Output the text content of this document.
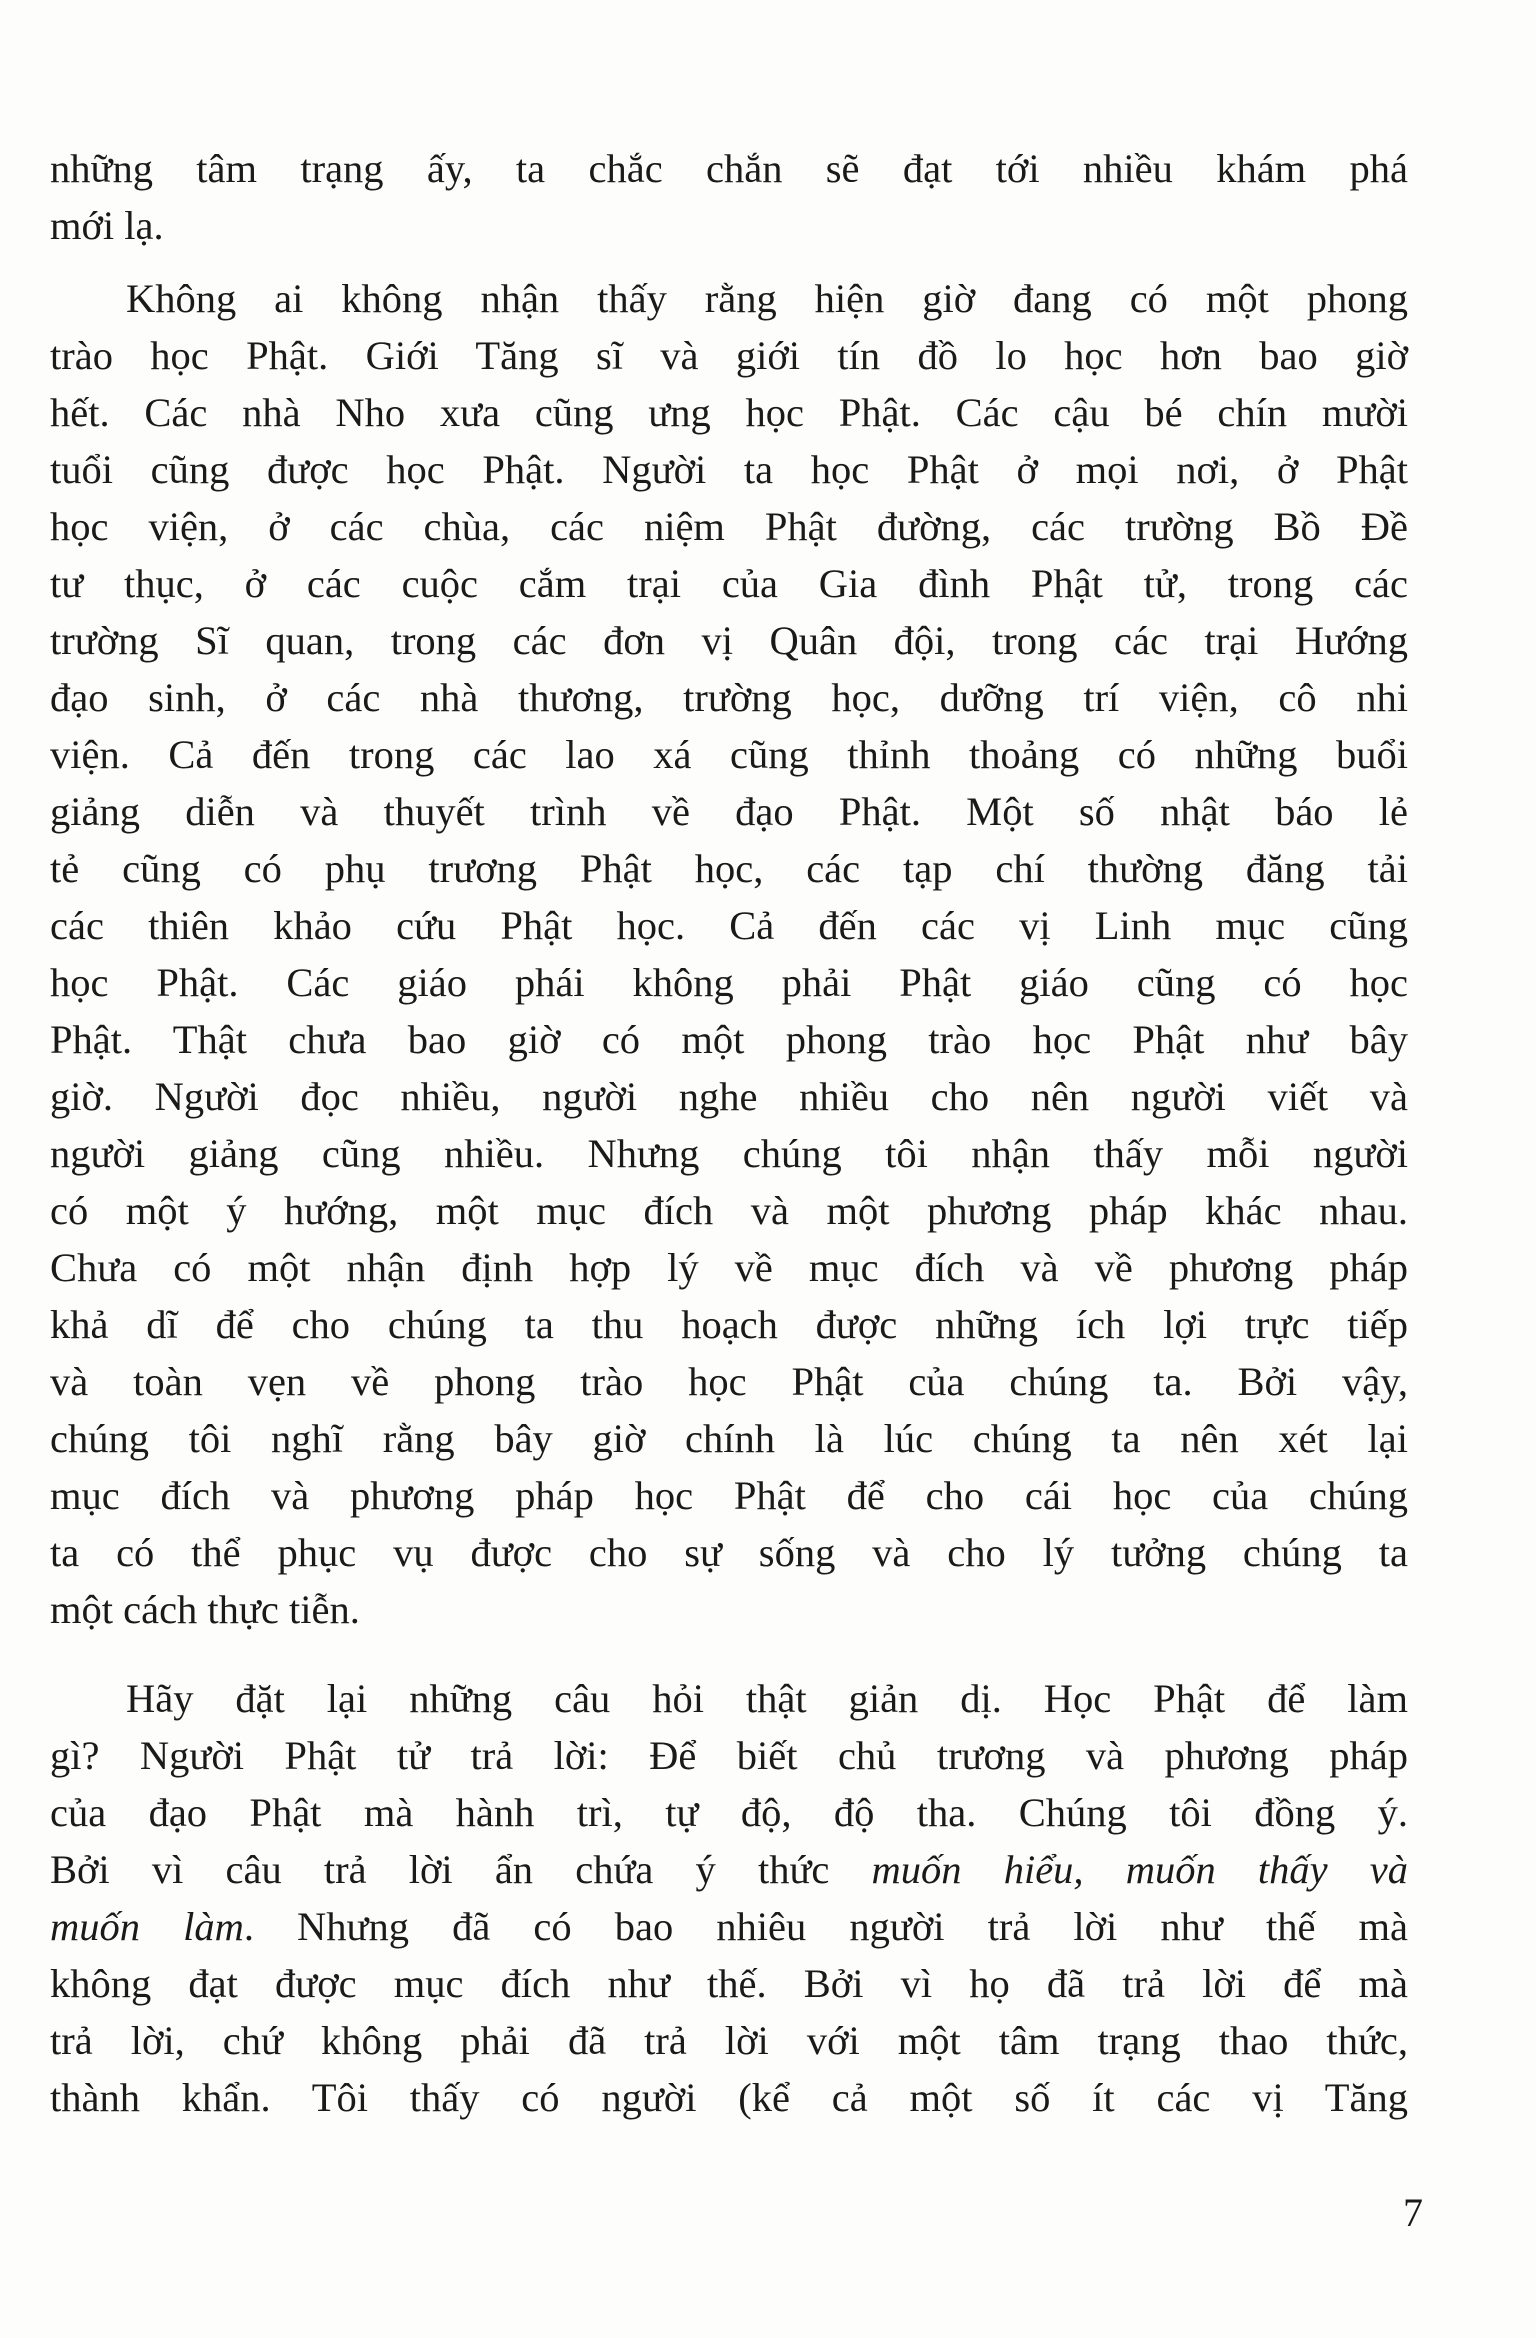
những tâm trạng ấy, ta chắc chắn sẽ đạt tới nhiều khám phá
mới lạ.
Không ai không nhận thấy rằng hiện giờ đang có một phong
trào học Phật. Giới Tăng sĩ và giới tín đồ lo học hơn bao giờ
hết. Các nhà Nho xưa cũng ưng học Phật. Các cậu bé chín mười
tuổi cũng được học Phật. Người ta học Phật ở mọi nơi, ở Phật
học viện, ở các chùa, các niệm Phật đường, các trường Bồ Đề
tư thục, ở các cuộc cắm trại của Gia đình Phật tử, trong các
trường Sĩ quan, trong các đơn vị Quân đội, trong các trại Hướng
đạo sinh, ở các nhà thương, trường học, dưỡng trí viện, cô nhi
viện. Cả đến trong các lao xá cũng thỉnh thoảng có những buổi
giảng diễn và thuyết trình về đạo Phật. Một số nhật báo lẻ
tẻ cũng có phụ trương Phật học, các tạp chí thường đăng tải
các thiên khảo cứu Phật học. Cả đến các vị Linh mục cũng
học Phật. Các giáo phái không phải Phật giáo cũng có học
Phật. Thật chưa bao giờ có một phong trào học Phật như bây
giờ. Người đọc nhiều, người nghe nhiều cho nên người viết và
người giảng cũng nhiều. Nhưng chúng tôi nhận thấy mỗi người
có một ý hướng, một mục đích và một phương pháp khác nhau.
Chưa có một nhận định hợp lý về mục đích và về phương pháp
khả dĩ để cho chúng ta thu hoạch được những ích lợi trực tiếp
và toàn vẹn về phong trào học Phật của chúng ta. Bởi vậy,
chúng tôi nghĩ rằng bây giờ chính là lúc chúng ta nên xét lại
mục đích và phương pháp học Phật để cho cái học của chúng
ta có thể phục vụ được cho sự sống và cho lý tưởng chúng ta
một cách thực tiễn.
Hãy đặt lại những câu hỏi thật giản dị. Học Phật để làm
gì? Người Phật tử trả lời: Để biết chủ trương và phương pháp
của đạo Phật mà hành trì, tự độ, độ tha. Chúng tôi đồng ý.
Bởi vì câu trả lời ẩn chứa ý thức muốn hiểu, muốn thấy và
muốn làm. Nhưng đã có bao nhiêu người trả lời như thế mà
không đạt được mục đích như thế. Bởi vì họ đã trả lời để mà
trả lời, chứ không phải đã trả lời với một tâm trạng thao thức,
thành khẩn. Tôi thấy có người (kể cả một số ít các vị Tăng
7
